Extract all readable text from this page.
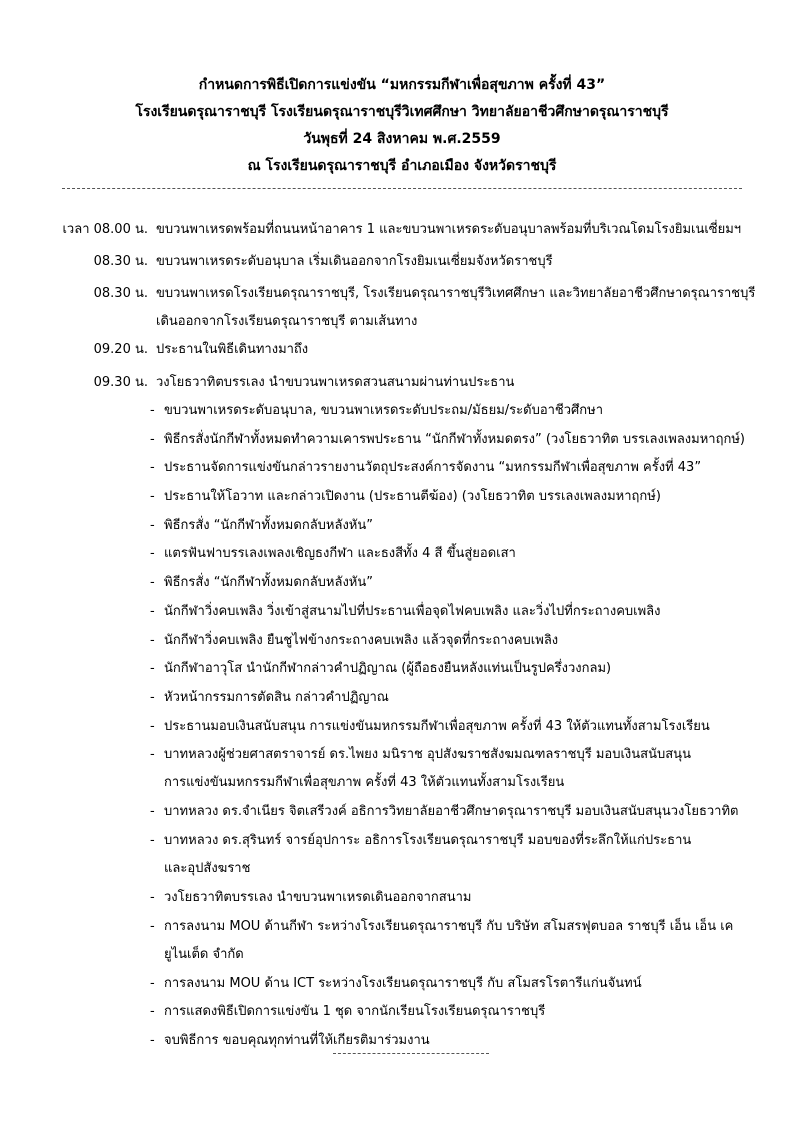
กำหนดการพิธีเปิดการแข่งขัน “มหกรรมกีฬาเพื่อสุขภาพ ครั้งที่ 43”
โรงเรียนดรุณาราชบุรี โรงเรียนดรุณาราชบุรีวิเทศศึกษา วิทยาลัยอาชีวศึกษาดรุณาราชบุรี
วันพุธที่ 24 สิงหาคม พ.ศ.2559
ณ โรงเรียนดรุณาราชบุรี อำเภอเมือง จังหวัดราชบุรี
เวลา 08.00 น. ขบวนพาเหรดพร้อมที่ถนนหน้าอาคาร 1 และขบวนพาเหรดระดับอนุบาลพร้อมที่บริเวณโดมโรงยิมเนเซี่ยมฯ
08.30 น. ขบวนพาเหรดระดับอนุบาล เริ่มเดินออกจากโรงยิมเนเซี่ยมจังหวัดราชบุรี
08.30 น. ขบวนพาเหรดโรงเรียนดรุณาราชบุรี, โรงเรียนดรุณาราชบุรีวิเทศศึกษา และวิทยาลัยอาชีวศึกษาดรุณาราชบุรี
เดินออกจากโรงเรียนดรุณาราชบุรี ตามเส้นทาง
09.20 น. ประธานในพิธีเดินทางมาถึง
09.30 น. วงโยธวาทิตบรรเลง นำขบวนพาเหรดสวนสนามผ่านท่านประธาน
- ขบวนพาเหรดระดับอนุบาล, ขบวนพาเหรดระดับประถม/มัธยม/ระดับอาชีวศึกษา
- พิธีกรสั่งนักกีฬาทั้งหมดทำความเคารพประธาน “นักกีฬาทั้งหมดตรง” (วงโยธวาทิต บรรเลงเพลงมหาฤกษ์)
- ประธานจัดการแข่งขันกล่าวรายงานวัตถุประสงค์การจัดงาน “มหกรรมกีฬาเพื่อสุขภาพ ครั้งที่ 43”
- ประธานให้โอวาท และกล่าวเปิดงาน (ประธานตีฆ้อง) (วงโยธวาทิต บรรเลงเพลงมหาฤกษ์)
- พิธีกรสั่ง “นักกีฬาทั้งหมดกลับหลังหัน”
- แตรฟันฟาบรรเลงเพลงเชิญธงกีฬา และธงสีทั้ง 4 สี ขึ้นสู่ยอดเสา
- พิธีกรสั่ง “นักกีฬาทั้งหมดกลับหลังหัน”
- นักกีฬาวิ่งคบเพลิง วิ่งเข้าสู่สนามไปที่ประธานเพื่อจุดไฟคบเพลิง และวิ่งไปที่กระถางคบเพลิง
- นักกีฬาวิ่งคบเพลิง ยืนชูไฟข้างกระถางคบเพลิง แล้วจุดที่กระถางคบเพลิง
- นักกีฬาอาวุโส นำนักกีฬากล่าวคำปฏิญาณ (ผู้ถือธงยืนหลังแท่นเป็นรูปครึ่งวงกลม)
- หัวหน้ากรรมการตัดสิน กล่าวคำปฏิญาณ
- ประธานมอบเงินสนับสนุน การแข่งขันมหกรรมกีฬาเพื่อสุขภาพ ครั้งที่ 43 ให้ตัวแทนทั้งสามโรงเรียน
- บาทหลวงผู้ช่วยศาสตราจารย์ ดร.ไพยง มนิราช อุปสังฆราชสังฆมณฑลราชบุรี มอบเงินสนับสนุน
การแข่งขันมหกรรมกีฬาเพื่อสุขภาพ ครั้งที่ 43 ให้ตัวแทนทั้งสามโรงเรียน
- บาทหลวง ดร.จำเนียร จิตเสรีวงค์ อธิการวิทยาลัยอาชีวศึกษาดรุณาราชบุรี มอบเงินสนับสนุนวงโยธวาทิต
- บาทหลวง ดร.สุรินทร์ จารย์อุปการะ อธิการโรงเรียนดรุณาราชบุรี มอบของที่ระลึกให้แก่ประธาน
และอุปสังฆราช
- วงโยธวาทิตบรรเลง นำขบวนพาเหรดเดินออกจากสนาม
- การลงนาม MOU ด้านกีฬา ระหว่างโรงเรียนดรุณาราชบุรี กับ บริษัท สโมสรฟุตบอล ราชบุรี เอ็น เอ็น เค
ยูไนเต็ด จำกัด
- การลงนาม MOU ด้าน ICT ระหว่างโรงเรียนดรุณาราชบุรี กับ สโมสรโรตารีแก่นจันทน์
- การแสดงพิธีเปิดการแข่งขัน 1 ชุด จากนักเรียนโรงเรียนดรุณาราชบุรี
- จบพิธีการ ขอบคุณทุกท่านที่ให้เกียรติมาร่วมงาน
